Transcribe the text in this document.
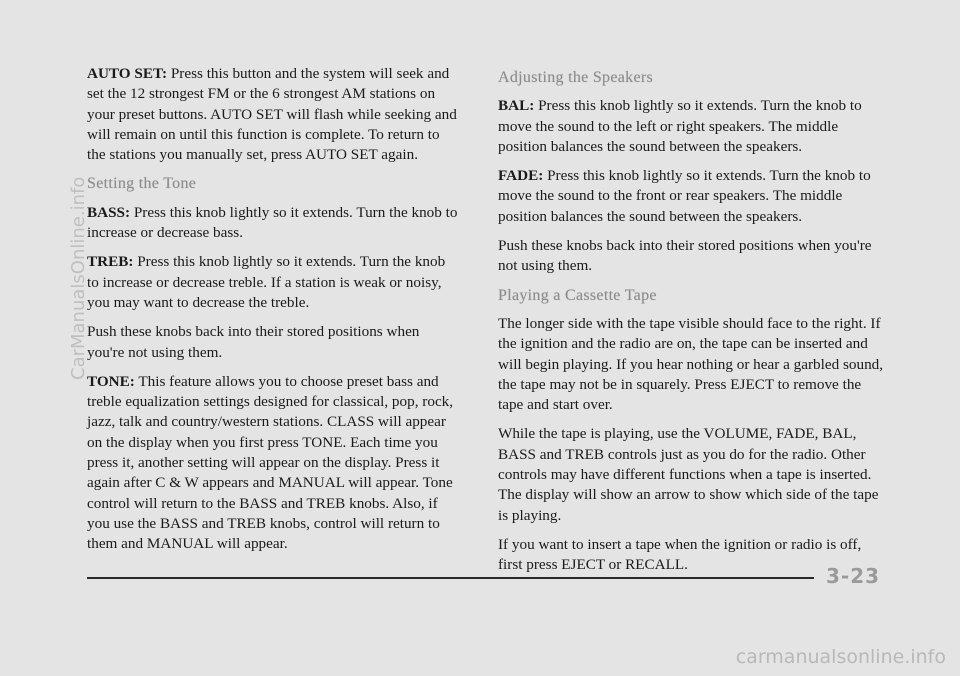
AUTO SET: Press this button and the system will seek and set the 12 strongest FM or the 6 strongest AM stations on your preset buttons. AUTO SET will flash while seeking and will remain on until this function is complete. To return to the stations you manually set, press AUTO SET again.

Setting the Tone

BASS: Press this knob lightly so it extends. Turn the knob to increase or decrease bass.

TREB: Press this knob lightly so it extends. Turn the knob to increase or decrease treble. If a station is weak or noisy, you may want to decrease the treble.

Push these knobs back into their stored positions when you're not using them.

TONE: This feature allows you to choose preset bass and treble equalization settings designed for classical, pop, rock, jazz, talk and country/western stations. CLASS will appear on the display when you first press TONE. Each time you press it, another setting will appear on the display. Press it again after C & W appears and MANUAL will appear. Tone control will return to the BASS and TREB knobs. Also, if you use the BASS and TREB knobs, control will return to them and MANUAL will appear.

Adjusting the Speakers

BAL: Press this knob lightly so it extends. Turn the knob to move the sound to the left or right speakers. The middle position balances the sound between the speakers.

FADE: Press this knob lightly so it extends. Turn the knob to move the sound to the front or rear speakers. The middle position balances the sound between the speakers.

Push these knobs back into their stored positions when you're not using them.

Playing a Cassette Tape

The longer side with the tape visible should face to the right. If the ignition and the radio are on, the tape can be inserted and will begin playing. If you hear nothing or hear a garbled sound, the tape may not be in squarely. Press EJECT to remove the tape and start over.

While the tape is playing, use the VOLUME, FADE, BAL, BASS and TREB controls just as you do for the radio. Other controls may have different functions when a tape is inserted. The display will show an arrow to show which side of the tape is playing.

If you want to insert a tape when the ignition or radio is off, first press EJECT or RECALL.	3-23
CarManualsOnline.info
carmanualsonline.info
